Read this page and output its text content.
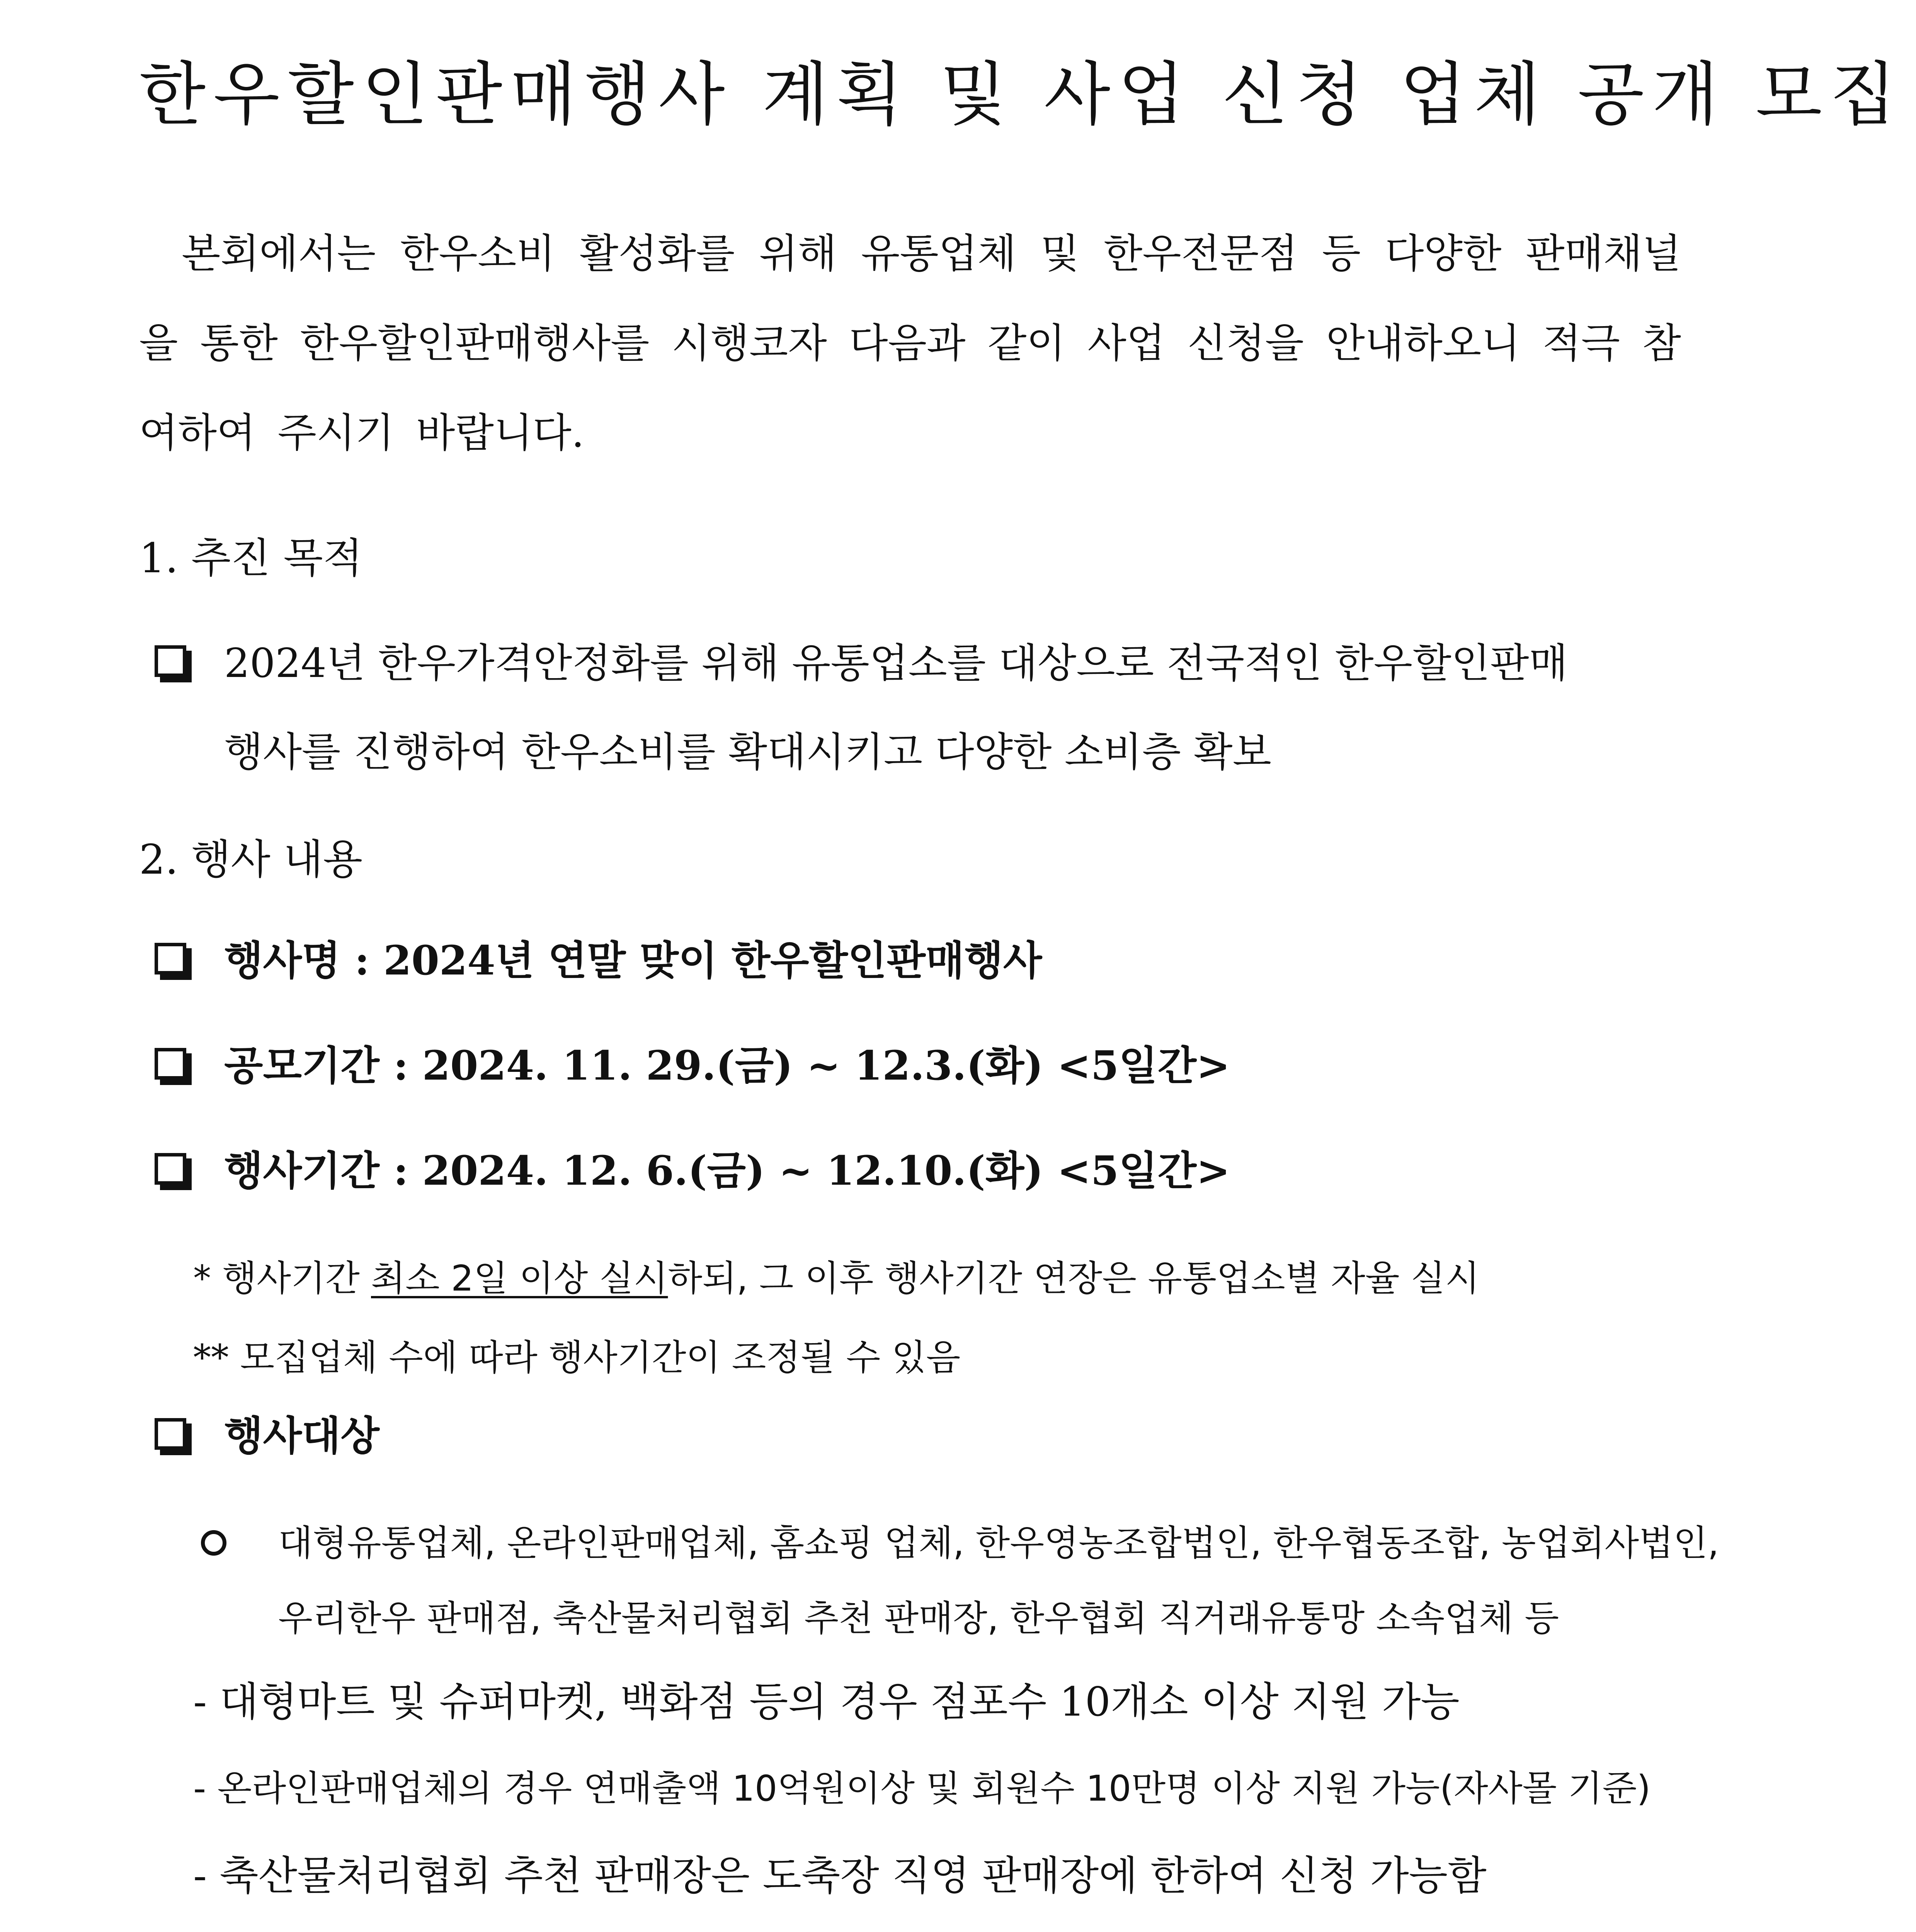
한우할인판매행사 계획 및 사업 신청 업체 공개 모집
본회에서는 한우소비 활성화를 위해 유통업체 및 한우전문점 등 다양한 판매채널을 통한 한우할인판매행사를 시행코자 다음과 같이 사업 신청을 안내하오니 적극 참여하여 주시기 바랍니다.
1. 추진 목적
2024년 한우가격안정화를 위해 유통업소를 대상으로 전국적인 한우할인판매
행사를 진행하여 한우소비를 확대시키고 다양한 소비층 확보
2. 행사 내용
행사명 : 2024년 연말 맞이 한우할인판매행사
공모기간 : 2024. 11. 29.(금) ~ 12.3.(화) <5일간>
행사기간 : 2024. 12. 6.(금) ~ 12.10.(화) <5일간>
* 행사기간 최소 2일 이상 실시하되, 그 이후 행사기간 연장은 유통업소별 자율 실시
** 모집업체 수에 따라 행사기간이 조정될 수 있음
행사대상
대형유통업체, 온라인판매업체, 홈쇼핑 업체, 한우영농조합법인, 한우협동조합, 농업회사법인,
우리한우 판매점, 축산물처리협회 추천 판매장, 한우협회 직거래유통망 소속업체 등
- 대형마트 및 슈퍼마켓, 백화점 등의 경우 점포수 10개소 이상 지원 가능
- 온라인판매업체의 경우 연매출액 10억원이상 및 회원수 10만명 이상 지원 가능(자사몰 기준)
- 축산물처리협회 추천 판매장은 도축장 직영 판매장에 한하여 신청 가능함
